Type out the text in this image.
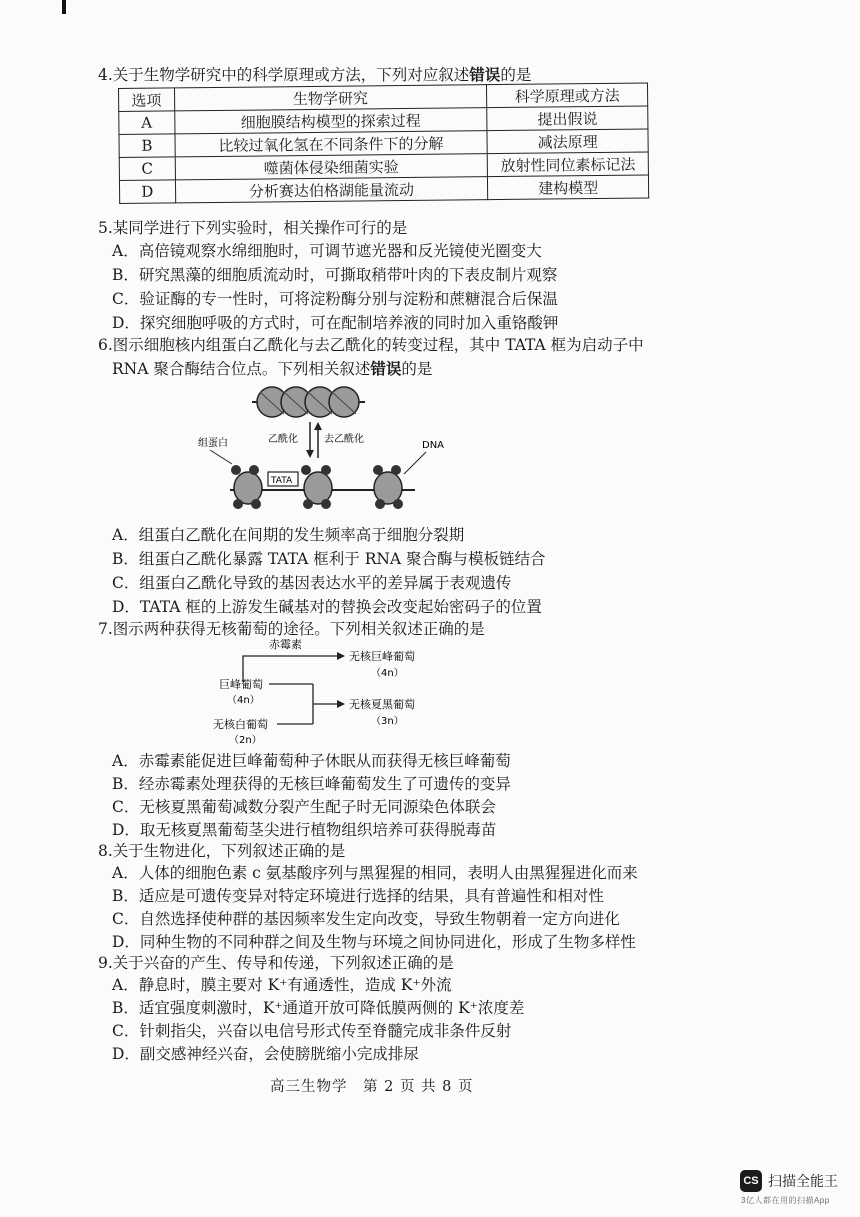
4.关于生物学研究中的科学原理或方法，下列对应叙述错误的是
选项	生物学研究	科学原理或方法
A	细胞膜结构模型的探索过程	提出假说
B	比较过氧化氢在不同条件下的分解	减法原理
C	噬菌体侵染细菌实验	放射性同位素标记法
D	分析赛达伯格湖能量流动	建构模型
5.某同学进行下列实验时，相关操作可行的是
A．高倍镜观察水绵细胞时，可调节遮光器和反光镜使光圈变大
B．研究黑藻的细胞质流动时，可撕取稍带叶肉的下表皮制片观察
C．验证酶的专一性时，可将淀粉酶分别与淀粉和蔗糖混合后保温
D．探究细胞呼吸的方式时，可在配制培养液的同时加入重铬酸钾
6.图示细胞核内组蛋白乙酰化与去乙酰化的转变过程，其中 TATA 框为启动子中
RNA 聚合酶结合位点。下列相关叙述错误的是
乙酰化	去乙酰化
组蛋白	DNA
TATA
A．组蛋白乙酰化在间期的发生频率高于细胞分裂期
B．组蛋白乙酰化暴露 TATA 框利于 RNA 聚合酶与模板链结合
C．组蛋白乙酰化导致的基因表达水平的差异属于表观遗传
D．TATA 框的上游发生碱基对的替换会改变起始密码子的位置
7.图示两种获得无核葡萄的途径。下列相关叙述正确的是
赤霉素
无核巨峰葡萄
（4n）
巨峰葡萄
（4n）	无核夏黑葡萄
（3n）
无核白葡萄
（2n）
A．赤霉素能促进巨峰葡萄种子休眠从而获得无核巨峰葡萄
B．经赤霉素处理获得的无核巨峰葡萄发生了可遗传的变异
C．无核夏黑葡萄减数分裂产生配子时无同源染色体联会
D．取无核夏黑葡萄茎尖进行植物组织培养可获得脱毒苗
8.关于生物进化，下列叙述正确的是
A．人体的细胞色素 c 氨基酸序列与黑猩猩的相同，表明人由黑猩猩进化而来
B．适应是可遗传变异对特定环境进行选择的结果，具有普遍性和相对性
C．自然选择使种群的基因频率发生定向改变，导致生物朝着一定方向进化
D．同种生物的不同种群之间及生物与环境之间协同进化，形成了生物多样性
9.关于兴奋的产生、传导和传递，下列叙述正确的是
A．静息时，膜主要对 K⁺有通透性，造成 K⁺外流
B．适宜强度刺激时，K⁺通道开放可降低膜两侧的 K⁺浓度差
C．针刺指尖，兴奋以电信号形式传至脊髓完成非条件反射
D．副交感神经兴奋，会使膀胱缩小完成排尿
高三生物学　第 2 页 共 8 页
CS 扫描全能王
3亿人都在用的扫描App
